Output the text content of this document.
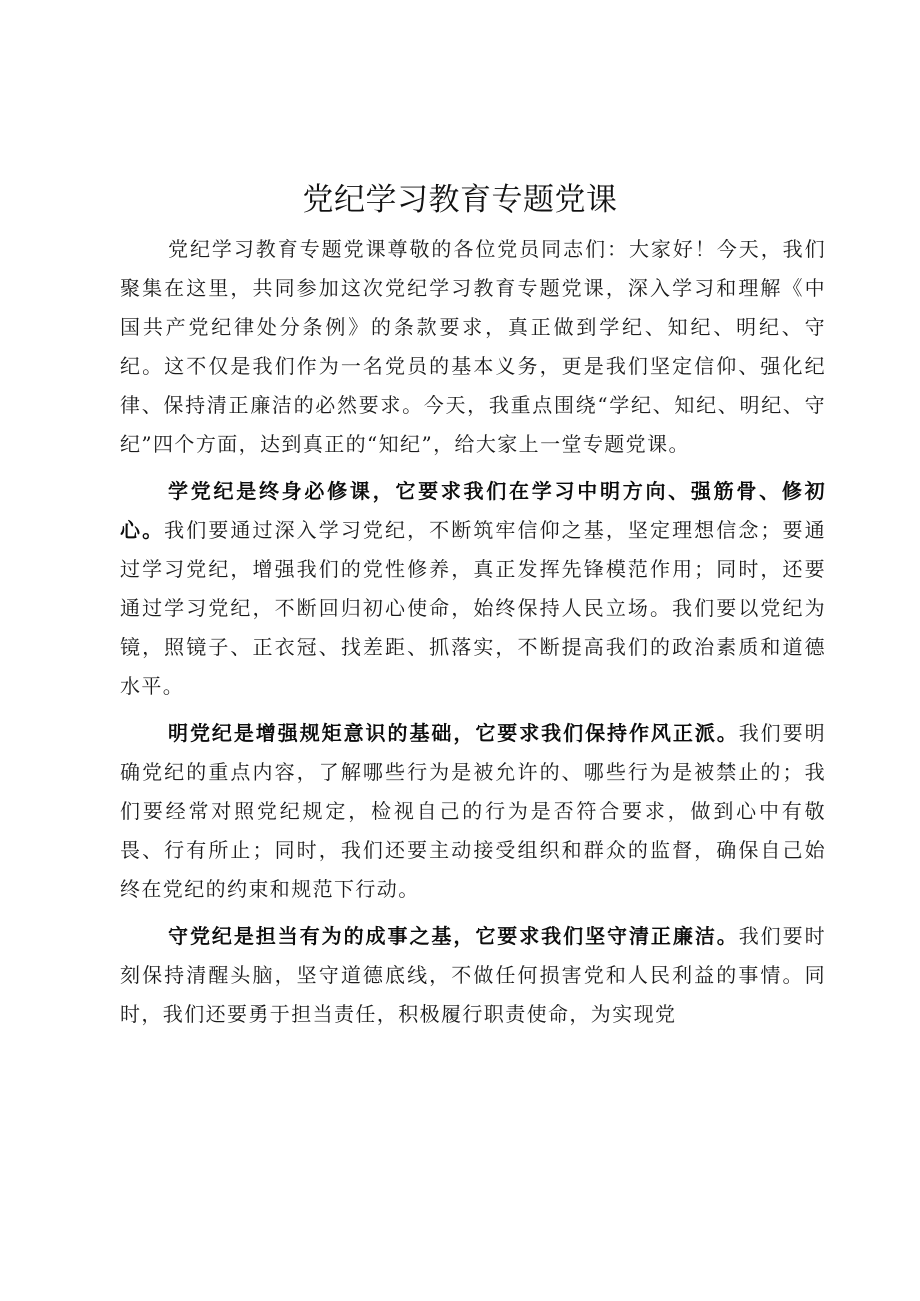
党纪学习教育专题党课

党纪学习教育专题党课尊敬的各位党员同志们：大家好！今天，我们聚集在这里，共同参加这次党纪学习教育专题党课，深入学习和理解《中国共产党纪律处分条例》的条款要求，真正做到学纪、知纪、明纪、守纪。这不仅是我们作为一名党员的基本义务，更是我们坚定信仰、强化纪律、保持清正廉洁的必然要求。今天，我重点围绕“学纪、知纪、明纪、守纪”四个方面，达到真正的“知纪”，给大家上一堂专题党课。

学党纪是终身必修课，它要求我们在学习中明方向、强筋骨、修初心。我们要通过深入学习党纪，不断筑牢信仰之基，坚定理想信念；要通过学习党纪，增强我们的党性修养，真正发挥先锋模范作用；同时，还要通过学习党纪，不断回归初心使命，始终保持人民立场。我们要以党纪为镜，照镜子、正衣冠、找差距、抓落实，不断提高我们的政治素质和道德水平。

明党纪是增强规矩意识的基础，它要求我们保持作风正派。我们要明确党纪的重点内容，了解哪些行为是被允许的、哪些行为是被禁止的；我们要经常对照党纪规定，检视自己的行为是否符合要求，做到心中有敬畏、行有所止；同时，我们还要主动接受组织和群众的监督，确保自己始终在党纪的约束和规范下行动。

守党纪是担当有为的成事之基，它要求我们坚守清正廉洁。我们要时刻保持清醒头脑，坚守道德底线，不做任何损害党和人民利益的事情。同时，我们还要勇于担当责任，积极履行职责使命，为实现党
